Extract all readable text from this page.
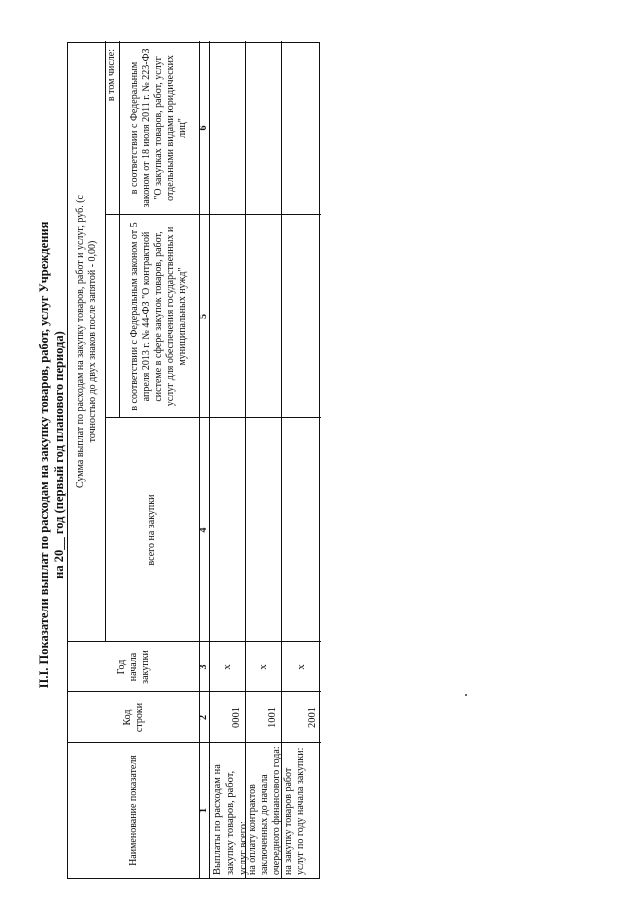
II.I. Показатели выплат по расходам на закупку товаров, работ, услуг Учреждения на 20__ год (первый год планового периода)
Наименование показателя
Код строки
Год начала закупки
Сумма выплат по расходам на закупку товаров, работ и услуг, руб. (с точностью до двух знаков после запятой - 0,00)
всего на закупки
в том числе:
в соответствии с Федеральным законом от 5 апреля 2013 г. № 44-ФЗ "О контрактной системе в сфере закупок товаров, работ, услуг для обеспечения государственных и муниципальных нужд"
в соответствии с Федеральным законом от 18 июля 2011 г. № 223-ФЗ "О закупках товаров, работ, услуг отдельными видами юридических лиц"
1
2
3
4
5
6
Выплаты по расходам на закупку товаров, работ, услуг всего:
0001
x
на оплату контрактов заключенных до начала очередного финансового года:
1001
x
на закупку товаров работ услуг по году начала закупки:
2001
x
